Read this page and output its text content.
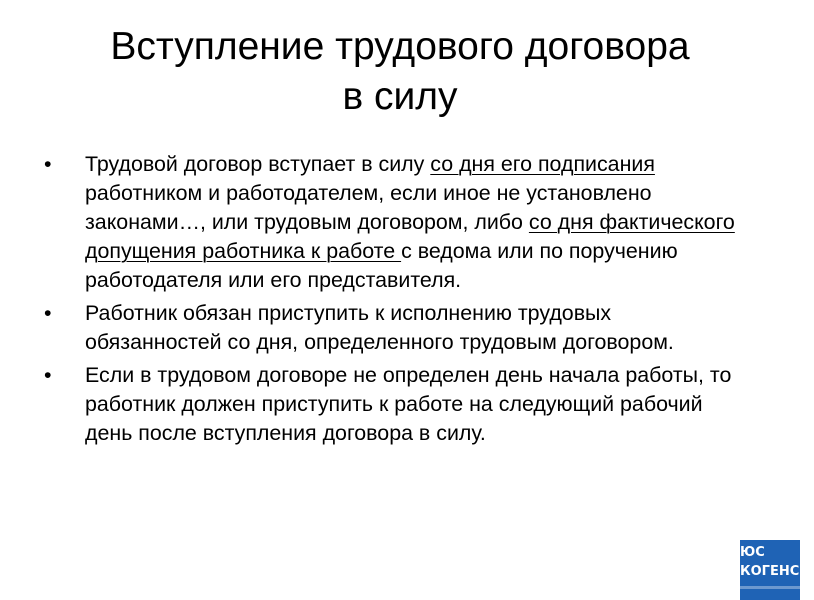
Вступление трудового договора
в силу
•	Трудовой договор вступает в силу со дня его подписания работником и работодателем, если иное не установлено законами…, или трудовым договором, либо со дня фактического допущения работника к работе с ведома или по поручению работодателя или его представителя.
•	Работник обязан приступить к исполнению трудовых обязанностей со дня, определенного трудовым договором.
•	Если в трудовом договоре не определен день начала работы, то работник должен приступить к работе на следующий рабочий день после вступления договора в силу.
ЮС
КОГЕНС К
